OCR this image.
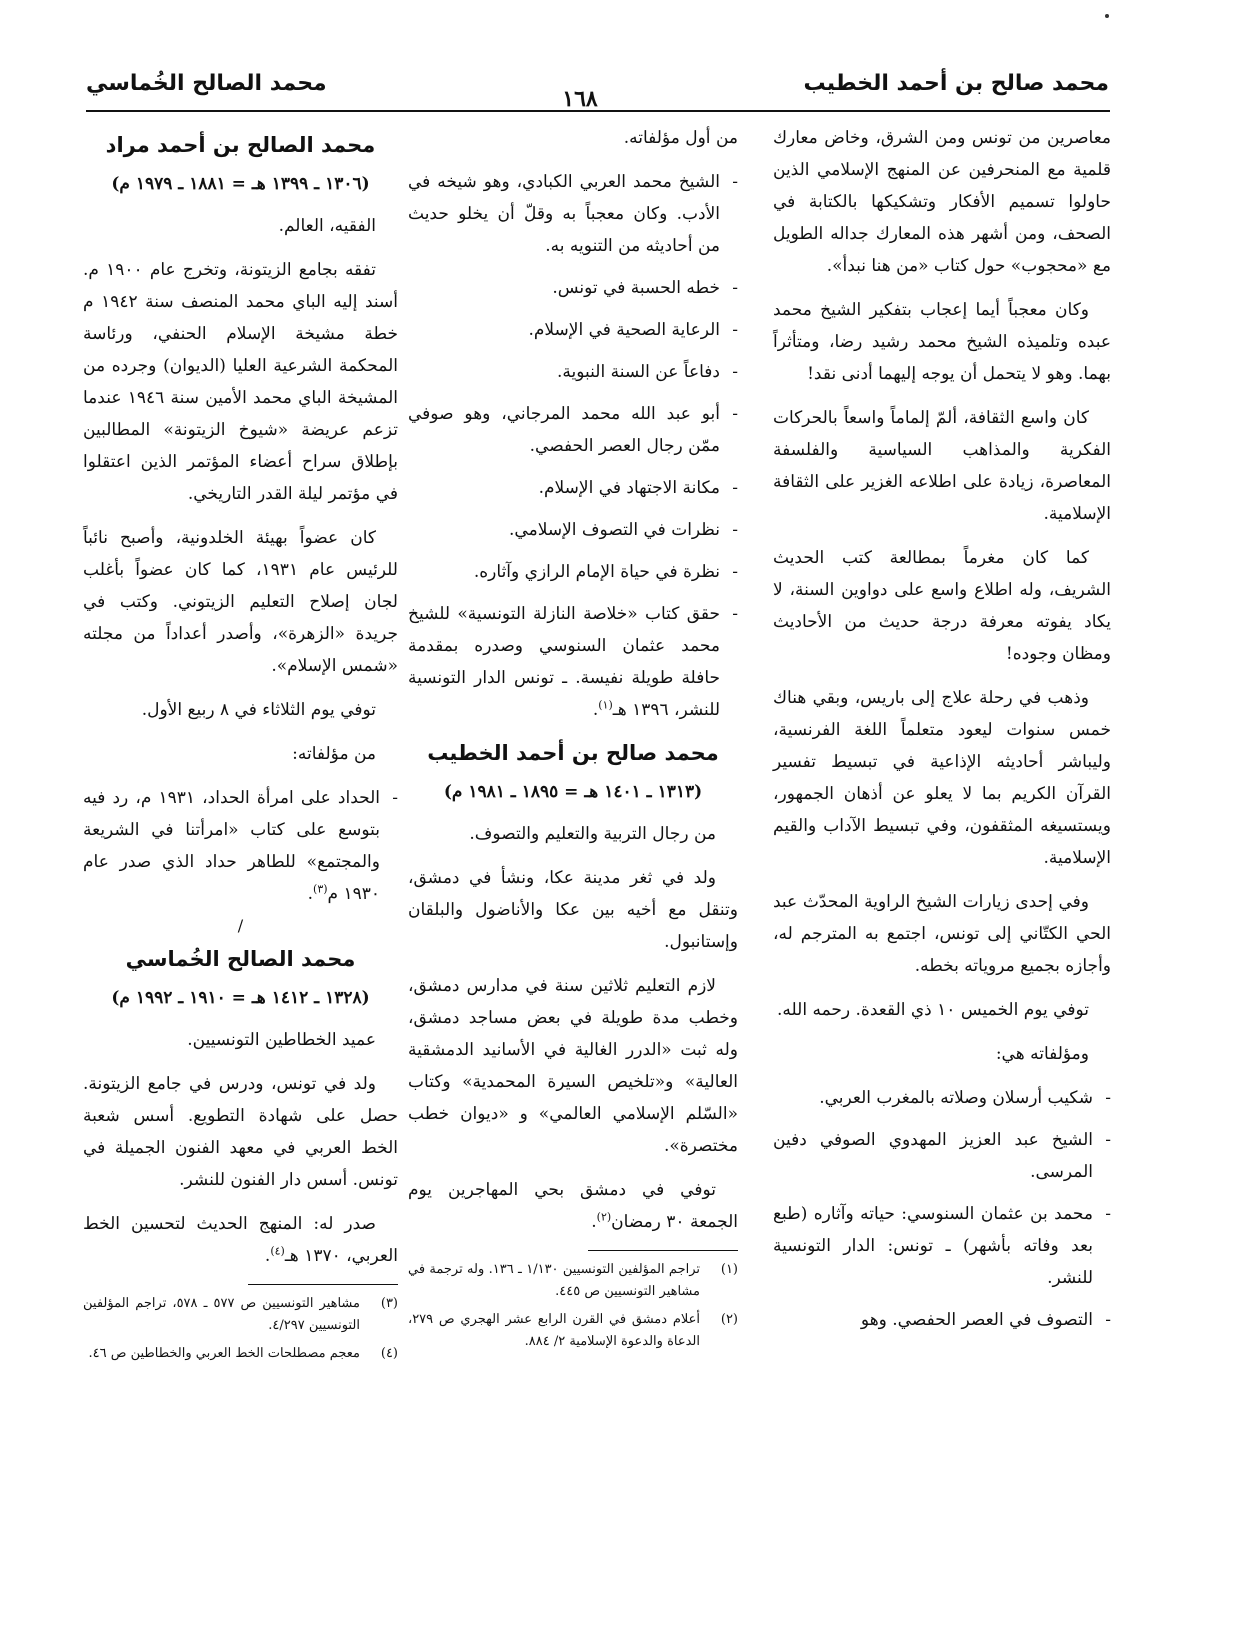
محمد صالح بن أحمد الخطيب
١٦٨
محمد الصالح الخُماسي

معاصرين من تونس ومن الشرق، وخاض معارك قلمية مع المنحرفين عن المنهج الإسلامي الذين حاولوا تسميم الأفكار وتشكيكها بالكتابة في الصحف، ومن أشهر هذه المعارك جداله الطويل مع «محجوب» حول كتاب «من هنا نبدأ».

وكان معجباً أيما إعجاب بتفكير الشيخ محمد عبده وتلميذه الشيخ محمد رشيد رضا، ومتأثراً بهما. وهو لا يتحمل أن يوجه إليهما أدنى نقد!

كان واسع الثقافة، ألمّ إلماماً واسعاً بالحركات الفكرية والمذاهب السياسية والفلسفة المعاصرة، زيادة على اطلاعه الغزير على الثقافة الإسلامية.

كما كان مغرماً بمطالعة كتب الحديث الشريف، وله اطلاع واسع على دواوين السنة، لا يكاد يفوته معرفة درجة حديث من الأحاديث ومظان وجوده!

وذهب في رحلة علاج إلى باريس، وبقي هناك خمس سنوات ليعود متعلماً اللغة الفرنسية، وليباشر أحاديثه الإذاعية في تبسيط تفسير القرآن الكريم بما لا يعلو عن أذهان الجمهور، ويستسيغه المثقفون، وفي تبسيط الآداب والقيم الإسلامية.

وفي إحدى زيارات الشيخ الراوية المحدّث عبد الحي الكتّاني إلى تونس، اجتمع به المترجم له، وأجازه بجميع مروياته بخطه.

توفي يوم الخميس ١٠ ذي القعدة. رحمه الله.

ومؤلفاته هي:

- شكيب أرسلان وصلاته بالمغرب العربي.
- الشيخ عبد العزيز المهدوي الصوفي دفين المرسى.
- محمد بن عثمان السنوسي: حياته وآثاره (طبع بعد وفاته بأشهر) ـ تونس: الدار التونسية للنشر.
- التصوف في العصر الحفصي. وهو

من أول مؤلفاته.

- الشيخ محمد العربي الكبادي، وهو شيخه في الأدب. وكان معجباً به وقلّ أن يخلو حديث من أحاديثه من التنويه به.
- خطه الحسبة في تونس.
- الرعاية الصحية في الإسلام.
- دفاعاً عن السنة النبوية.
- أبو عبد الله محمد المرجاني، وهو صوفي ممّن رجال العصر الحفصي.
- مكانة الاجتهاد في الإسلام.
- نظرات في التصوف الإسلامي.
- نظرة في حياة الإمام الرازي وآثاره.
- حقق كتاب «خلاصة النازلة التونسية» للشيخ محمد عثمان السنوسي وصدره بمقدمة حافلة طويلة نفيسة. ـ تونس الدار التونسية للنشر، ١٣٩٦ هـ$^{(١)}$.
محمد صالح بن أحمد الخطيب
(١٣١٣ ـ ١٤٠١ هـ = ١٨٩٥ ـ ١٩٨١ م)

من رجال التربية والتعليم والتصوف.

ولد في ثغر مدينة عكا، ونشأ في دمشق، وتنقل مع أخيه بين عكا والأناضول والبلقان وإستانبول.

لازم التعليم ثلاثين سنة في مدارس دمشق، وخطب مدة طويلة في بعض مساجد دمشق، وله ثبت «الدرر الغالية في الأسانيد الدمشقية العالية» و«تلخيص السيرة المحمدية» وكتاب «السّلم الإسلامي العالمي» و «ديوان خطب مختصرة».

توفي في دمشق بحي المهاجرين يوم الجمعة ٣٠ رمضان$^{(٢)}$.

(١)
تراجم المؤلفين التونسيين ١/١٣٠ ـ ١٣٦. وله ترجمة في مشاهير التونسيين ص ٤٤٥.
(٢)
أعلام دمشق في القرن الرابع عشر الهجري ص ٢٧٩، الدعاة والدعوة الإسلامية ٢/ ٨٨٤.
محمد الصالح بن أحمد مراد
(١٣٠٦ ـ ١٣٩٩ هـ = ١٨٨١ ـ ١٩٧٩ م)

الفقيه، العالم.

تفقه بجامع الزيتونة، وتخرج عام ١٩٠٠ م. أسند إليه الباي محمد المنصف سنة ١٩٤٢ م خطة مشيخة الإسلام الحنفي، ورئاسة المحكمة الشرعية العليا (الديوان) وجرده من المشيخة الباي محمد الأمين سنة ١٩٤٦ عندما تزعم عريضة «شيوخ الزيتونة» المطالبين بإطلاق سراح أعضاء المؤتمر الذين اعتقلوا في مؤتمر ليلة القدر التاريخي.

كان عضواً بهيئة الخلدونية، وأصبح نائباً للرئيس عام ١٩٣١، كما كان عضواً بأغلب لجان إصلاح التعليم الزيتوني. وكتب في جريدة «الزهرة»، وأصدر أعداداً من مجلته «شمس الإسلام».

توفي يوم الثلاثاء في ٨ ربيع الأول.

من مؤلفاته:

- الحداد على امرأة الحداد، ١٩٣١ م، رد فيه بتوسع على كتاب «امرأتنا في الشريعة والمجتمع» للطاهر حداد الذي صدر عام ١٩٣٠ م$^{(٣)}$.
/
محمد الصالح الخُماسي
(١٣٢٨ ـ ١٤١٢ هـ = ١٩١٠ ـ ١٩٩٢ م)

عميد الخطاطين التونسيين.

ولد في تونس، ودرس في جامع الزيتونة. حصل على شهادة التطويع. أسس شعبة الخط العربي في معهد الفنون الجميلة في تونس. أسس دار الفنون للنشر.

صدر له: المنهج الحديث لتحسين الخط العربي، ١٣٧٠ هـ$^{(٤)}$.

(٣)
مشاهير التونسيين ص ٥٧٧ ـ ٥٧٨، تراجم المؤلفين التونسيين ٤/٢٩٧.
(٤)
معجم مصطلحات الخط العربي والخطاطين ص ٤٦.
